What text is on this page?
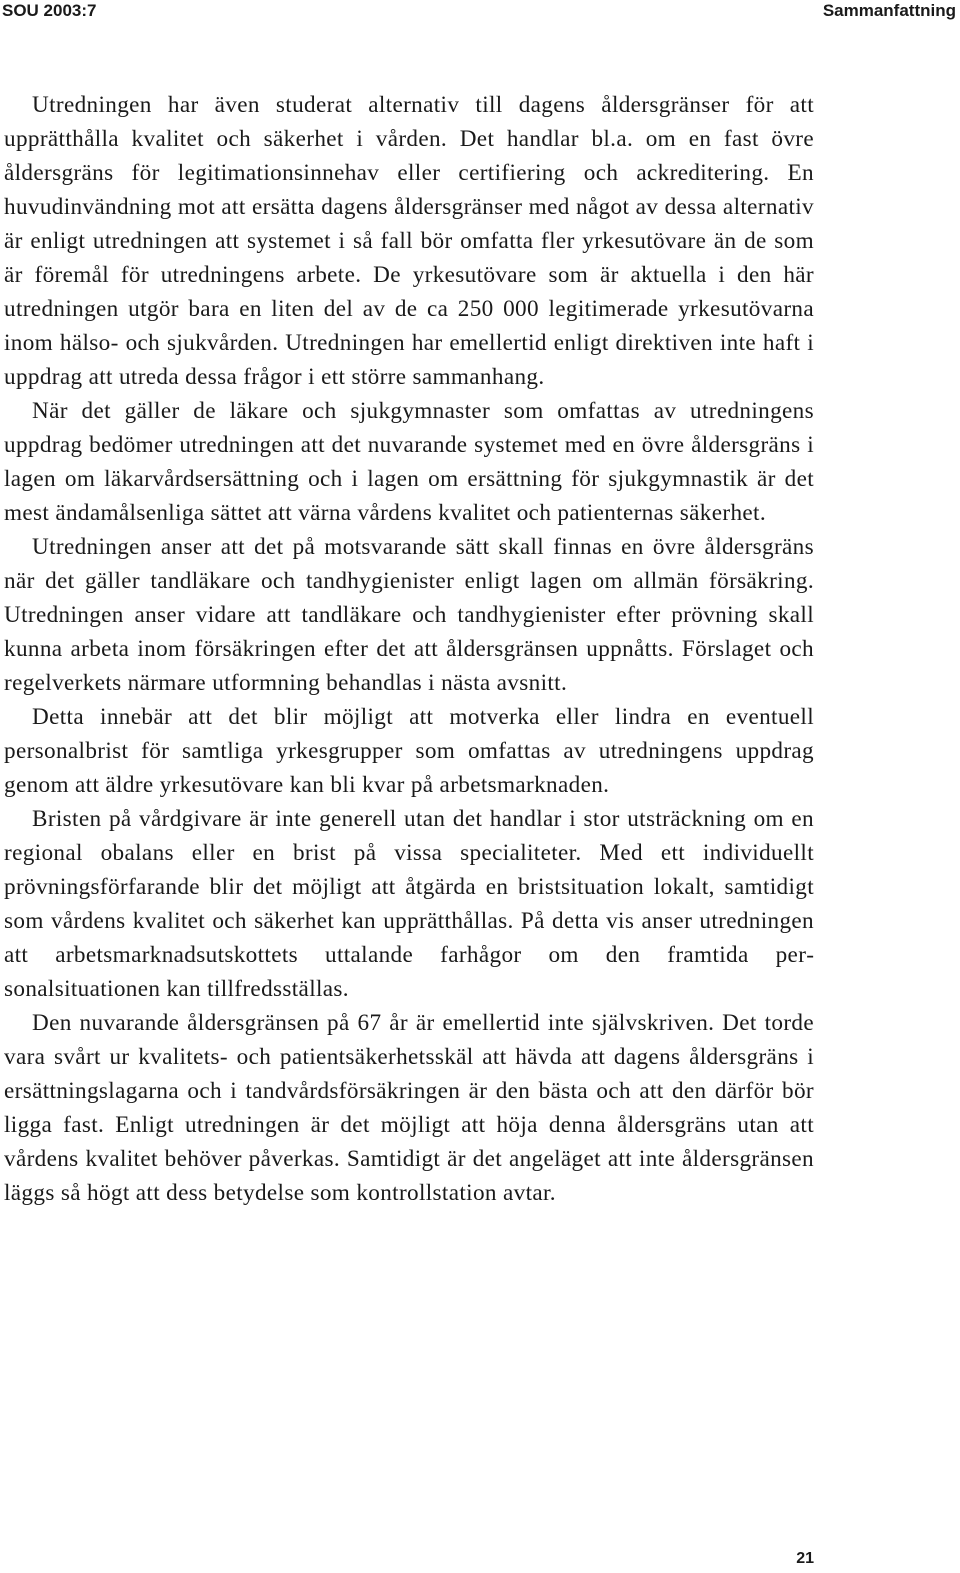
SOU 2003:7	Sammanfattning

Utredningen har även studerat alternativ till dagens åldersgränser för att upprätthålla kvalitet och säkerhet i vården. Det handlar bl.a. om en fast övre åldersgräns för legitimationsinnehav eller certifiering och ackreditering. En huvudinvändning mot att ersätta dagens åldersgränser med något av dessa alternativ är enligt utredningen att systemet i så fall bör omfatta fler yrkesutövare än de som är föremål för utredningens arbete. De yrkesutövare som är aktuella i den här utredningen utgör bara en liten del av de ca 250 000 legitimerade yrkesutövarna inom hälso- och sjukvården. Utredningen har emellertid enligt direktiven inte haft i uppdrag att utreda dessa frågor i ett större sammanhang.

När det gäller de läkare och sjukgymnaster som omfattas av utredningens uppdrag bedömer utredningen att det nuvarande systemet med en övre åldersgräns i lagen om läkarvårdsersättning och i lagen om ersättning för sjukgymnastik är det mest ändamålsenliga sättet att värna vårdens kvalitet och patienternas säkerhet.

Utredningen anser att det på motsvarande sätt skall finnas en övre åldersgräns när det gäller tandläkare och tandhygienister enligt lagen om allmän försäkring. Utredningen anser vidare att tandläkare och tandhygienister efter prövning skall kunna arbeta inom försäkringen efter det att åldersgränsen uppnåtts. Förslaget och regelverkets närmare utformning behandlas i nästa avsnitt.

Detta innebär att det blir möjligt att motverka eller lindra en eventuell personalbrist för samtliga yrkesgrupper som omfattas av utredningens uppdrag genom att äldre yrkesutövare kan bli kvar på arbetsmarknaden.

Bristen på vårdgivare är inte generell utan det handlar i stor utsträckning om en regional obalans eller en brist på vissa specialiteter. Med ett individuellt prövningsförfarande blir det möjligt att åtgärda en bristsituation lokalt, samtidigt som vårdens kvalitet och säkerhet kan upprätthållas. På detta vis anser utredningen att arbetsmarknadsutskottets uttalande farhågor om den framtida personalsituationen kan tillfredsställas.

Den nuvarande åldersgränsen på 67 år är emellertid inte självskriven. Det torde vara svårt ur kvalitets- och patientsäkerhetsskäl att hävda att dagens åldersgräns i ersättningslagarna och i tandvårdsförsäkringen är den bästa och att den därför bör ligga fast. Enligt utredningen är det möjligt att höja denna åldersgräns utan att vårdens kvalitet behöver påverkas. Samtidigt är det angeläget att inte åldersgränsen läggs så högt att dess betydelse som kontrollstation avtar.

21
